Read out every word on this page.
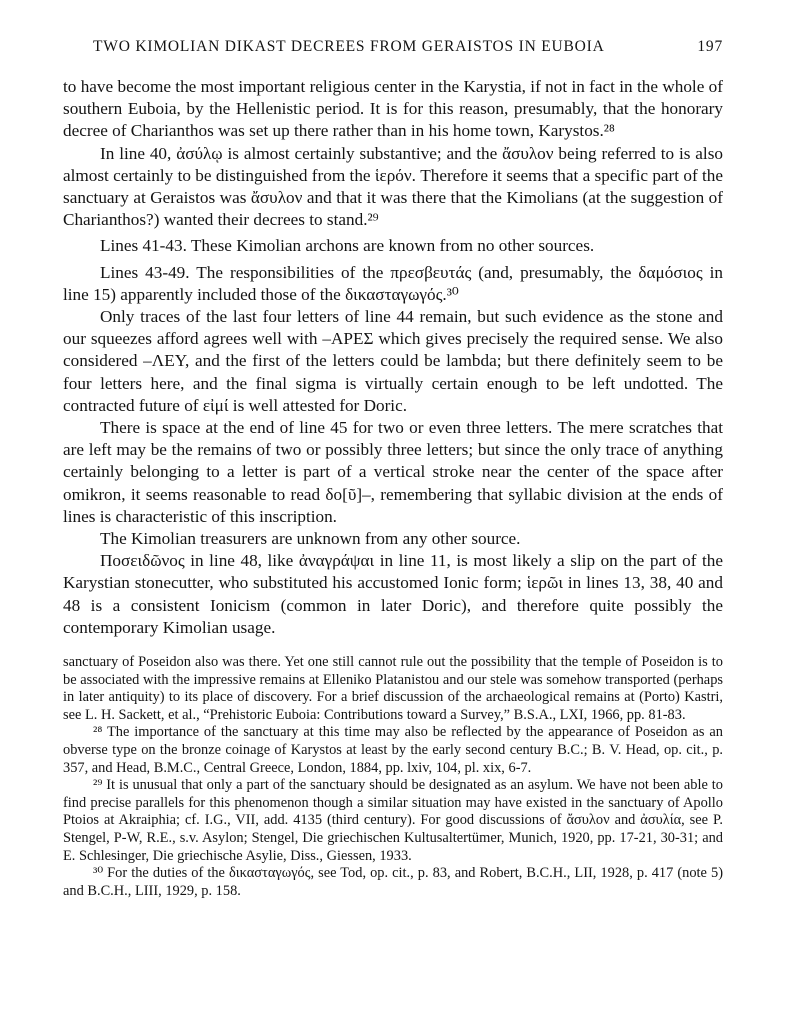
TWO KIMOLIAN DIKAST DECREES FROM GERAISTOS IN EUBOIA	197

to have become the most important religious center in the Karystia, if not in fact in the whole of southern Euboia, by the Hellenistic period. It is for this reason, presumably, that the honorary decree of Charianthos was set up there rather than in his home town, Karystos.²⁸

In line 40, ἀσύλῳ is almost certainly substantive; and the ἄσυλον being referred to is also almost certainly to be distinguished from the ἱερόν. Therefore it seems that a specific part of the sanctuary at Geraistos was ἄσυλον and that it was there that the Kimolians (at the suggestion of Charianthos?) wanted their decrees to stand.²⁹

Lines 41-43. These Kimolian archons are known from no other sources.

Lines 43-49. The responsibilities of the πρεσβευτάς (and, presumably, the δαμόσιος in line 15) apparently included those of the δικασταγωγός.³⁰

Only traces of the last four letters of line 44 remain, but such evidence as the stone and our squeezes afford agrees well with –ΑΡΕΣ which gives precisely the required sense. We also considered –ΛΕΥ, and the first of the letters could be lambda; but there definitely seem to be four letters here, and the final sigma is virtually certain enough to be left undotted. The contracted future of εἰμί is well attested for Doric.

There is space at the end of line 45 for two or even three letters. The mere scratches that are left may be the remains of two or possibly three letters; but since the only trace of anything certainly belonging to a letter is part of a vertical stroke near the center of the space after omikron, it seems reasonable to read δο[ῦ]–, remembering that syllabic division at the ends of lines is characteristic of this inscription.

The Kimolian treasurers are unknown from any other source.

Ποσειδῶνος in line 48, like ἀναγράψαι in line 11, is most likely a slip on the part of the Karystian stonecutter, who substituted his accustomed Ionic form; ἱερῶι in lines 13, 38, 40 and 48 is a consistent Ionicism (common in later Doric), and therefore quite possibly the contemporary Kimolian usage.

sanctuary of Poseidon also was there. Yet one still cannot rule out the possibility that the temple of Poseidon is to be associated with the impressive remains at Elleniko Platanistou and our stele was somehow transported (perhaps in later antiquity) to its place of discovery. For a brief discussion of the archaeological remains at (Porto) Kastri, see L. H. Sackett, et al., “Prehistoric Euboia: Contributions toward a Survey,” B.S.A., LXI, 1966, pp. 81-83.

²⁸ The importance of the sanctuary at this time may also be reflected by the appearance of Poseidon as an obverse type on the bronze coinage of Karystos at least by the early second century B.C.; B. V. Head, op. cit., p. 357, and Head, B.M.C., Central Greece, London, 1884, pp. lxiv, 104, pl. xix, 6-7.

²⁹ It is unusual that only a part of the sanctuary should be designated as an asylum. We have not been able to find precise parallels for this phenomenon though a similar situation may have existed in the sanctuary of Apollo Ptoios at Akraiphia; cf. I.G., VII, add. 4135 (third century). For good discussions of ἄσυλον and ἀσυλία, see P. Stengel, P-W, R.E., s.v. Asylon; Stengel, Die griechischen Kultusaltertümer, Munich, 1920, pp. 17-21, 30-31; and E. Schlesinger, Die griechische Asylie, Diss., Giessen, 1933.

³⁰ For the duties of the δικασταγωγός, see Tod, op. cit., p. 83, and Robert, B.C.H., LII, 1928, p. 417 (note 5) and B.C.H., LIII, 1929, p. 158.
